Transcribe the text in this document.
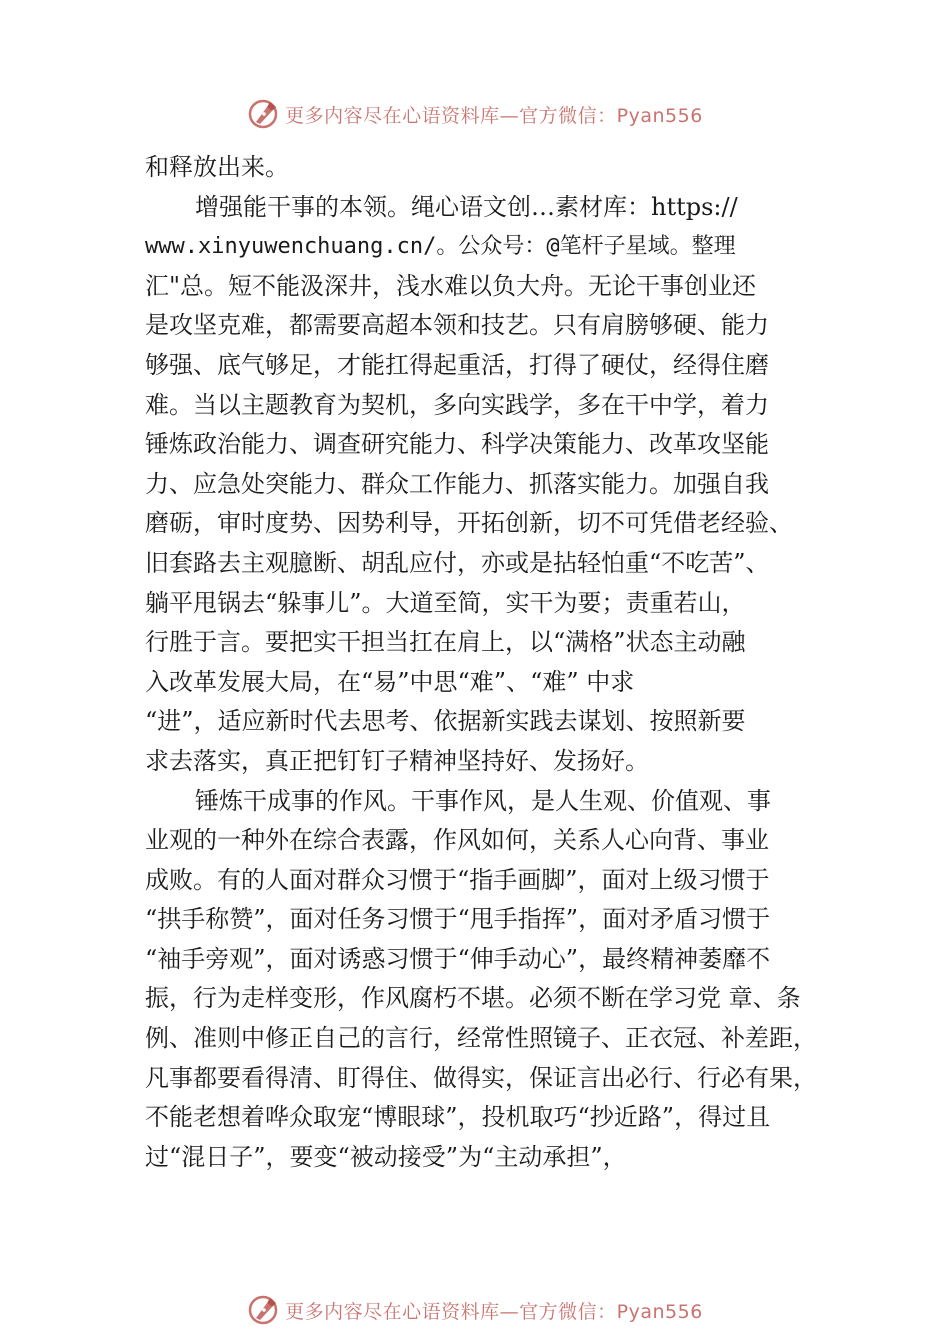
更多内容尽在心语资料库—官方微信：Pyan556
和释放出来。
增强能干事的本领。绳心语文创…素材库：https://
www.xinyuwenchuang.cn/。公众号：@笔杆子星域。整理
汇"总。短不能汲深井，浅水难以负大舟。无论干事创业还
是攻坚克难，都需要高超本领和技艺。只有肩膀够硬、能力
够强、底气够足，才能扛得起重活，打得了硬仗，经得住磨
难。当以主题教育为契机，多向实践学，多在干中学，着力
锤炼政治能力、调查研究能力、科学决策能力、改革攻坚能
力、应急处突能力、群众工作能力、抓落实能力。加强自我
磨砺，审时度势、因势利导，开拓创新，切不可凭借老经验、
旧套路去主观臆断、胡乱应付，亦或是拈轻怕重“不吃苦”、
躺平甩锅去“躲事儿”。大道至简，实干为要；责重若山，
行胜于言。要把实干担当扛在肩上，以“满格”状态主动融
入改革发展大局，在“易”中思“难”、“难” 中求
“进”，适应新时代去思考、依据新实践去谋划、按照新要
求去落实，真正把钉钉子精神坚持好、发扬好。
锤炼干成事的作风。干事作风，是人生观、价值观、事
业观的一种外在综合表露，作风如何，关系人心向背、事业
成败。有的人面对群众习惯于“指手画脚”，面对上级习惯于
“拱手称赞”，面对任务习惯于“甩手指挥”，面对矛盾习惯于
“袖手旁观”，面对诱惑习惯于“伸手动心”，最终精神萎靡不
振，行为走样变形，作风腐朽不堪。必须不断在学习党 章、条
例、准则中修正自己的言行，经常性照镜子、正衣冠、补差距，
凡事都要看得清、盯得住、做得实，保证言出必行、行必有果，
不能老想着哗众取宠“博眼球”，投机取巧“抄近路”，得过且
过“混日子”，要变“被动接受”为“主动承担”，
更多内容尽在心语资料库—官方微信：Pyan556
